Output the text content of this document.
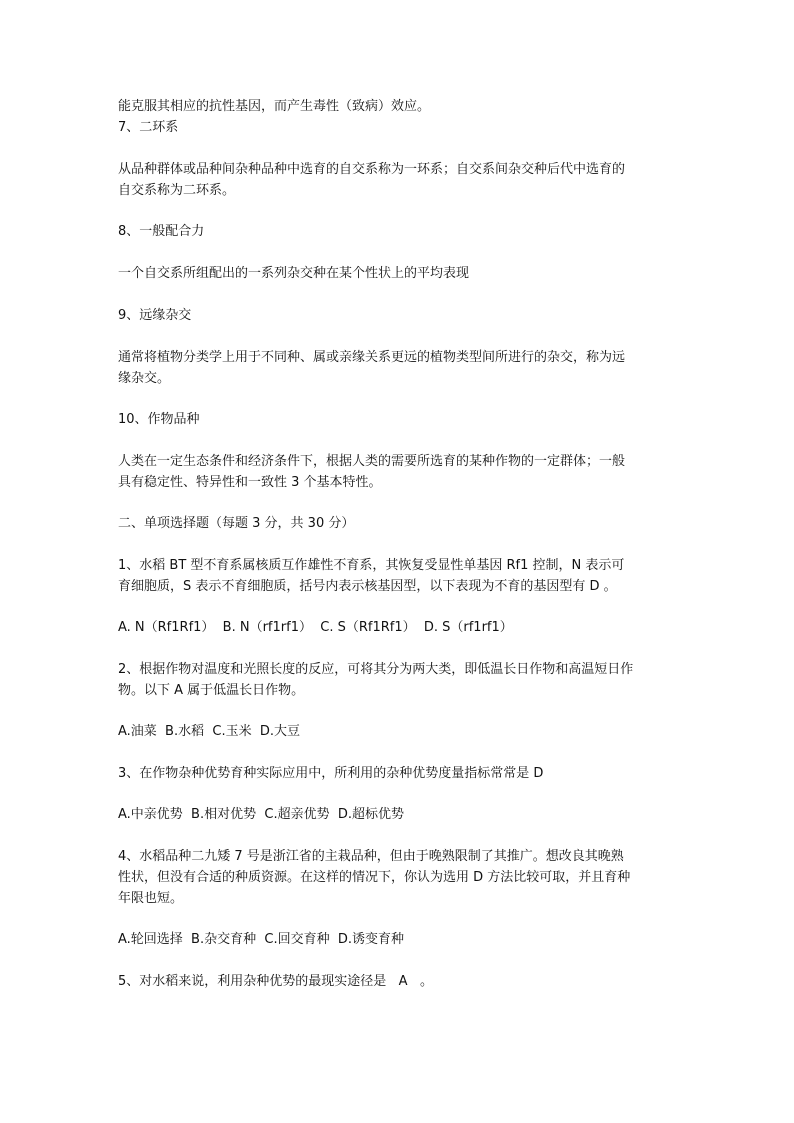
能克服其相应的抗性基因，而产生毒性（致病）效应。
7、二环系
从品种群体或品种间杂种品种中选育的自交系称为一环系；自交系间杂交种后代中选育的
自交系称为二环系。
8、一般配合力
一个自交系所组配出的一系列杂交种在某个性状上的平均表现
9、远缘杂交
通常将植物分类学上用于不同种、属或亲缘关系更远的植物类型间所进行的杂交，称为远
缘杂交。
10、作物品种
人类在一定生态条件和经济条件下，根据人类的需要所选育的某种作物的一定群体；一般
具有稳定性、特异性和一致性 3 个基本特性。
二、单项选择题（每题 3 分，共 30 分）
1、水稻 BT 型不育系属核质互作雄性不育系，其恢复受显性单基因 Rf1 控制，N 表示可
育细胞质，S 表示不育细胞质，括号内表示核基因型，以下表现为不育的基因型有 D 。
A. N（Rf1Rf1）  B. N（rf1rf1）  C. S（Rf1Rf1）  D. S（rf1rf1）
2、根据作物对温度和光照长度的反应，可将其分为两大类，即低温长日作物和高温短日作
物。以下 A 属于低温长日作物。
A.油菜  B.水稻  C.玉米  D.大豆
3、在作物杂种优势育种实际应用中，所利用的杂种优势度量指标常常是 D
A.中亲优势  B.相对优势  C.超亲优势  D.超标优势
4、水稻品种二九矮 7 号是浙江省的主栽品种，但由于晚熟限制了其推广。想改良其晚熟
性状，但没有合适的种质资源。在这样的情况下，你认为选用 D 方法比较可取，并且育种
年限也短。
A.轮回选择  B.杂交育种  C.回交育种  D.诱变育种
5、对水稻来说，利用杂种优势的最现实途径是   A   。
